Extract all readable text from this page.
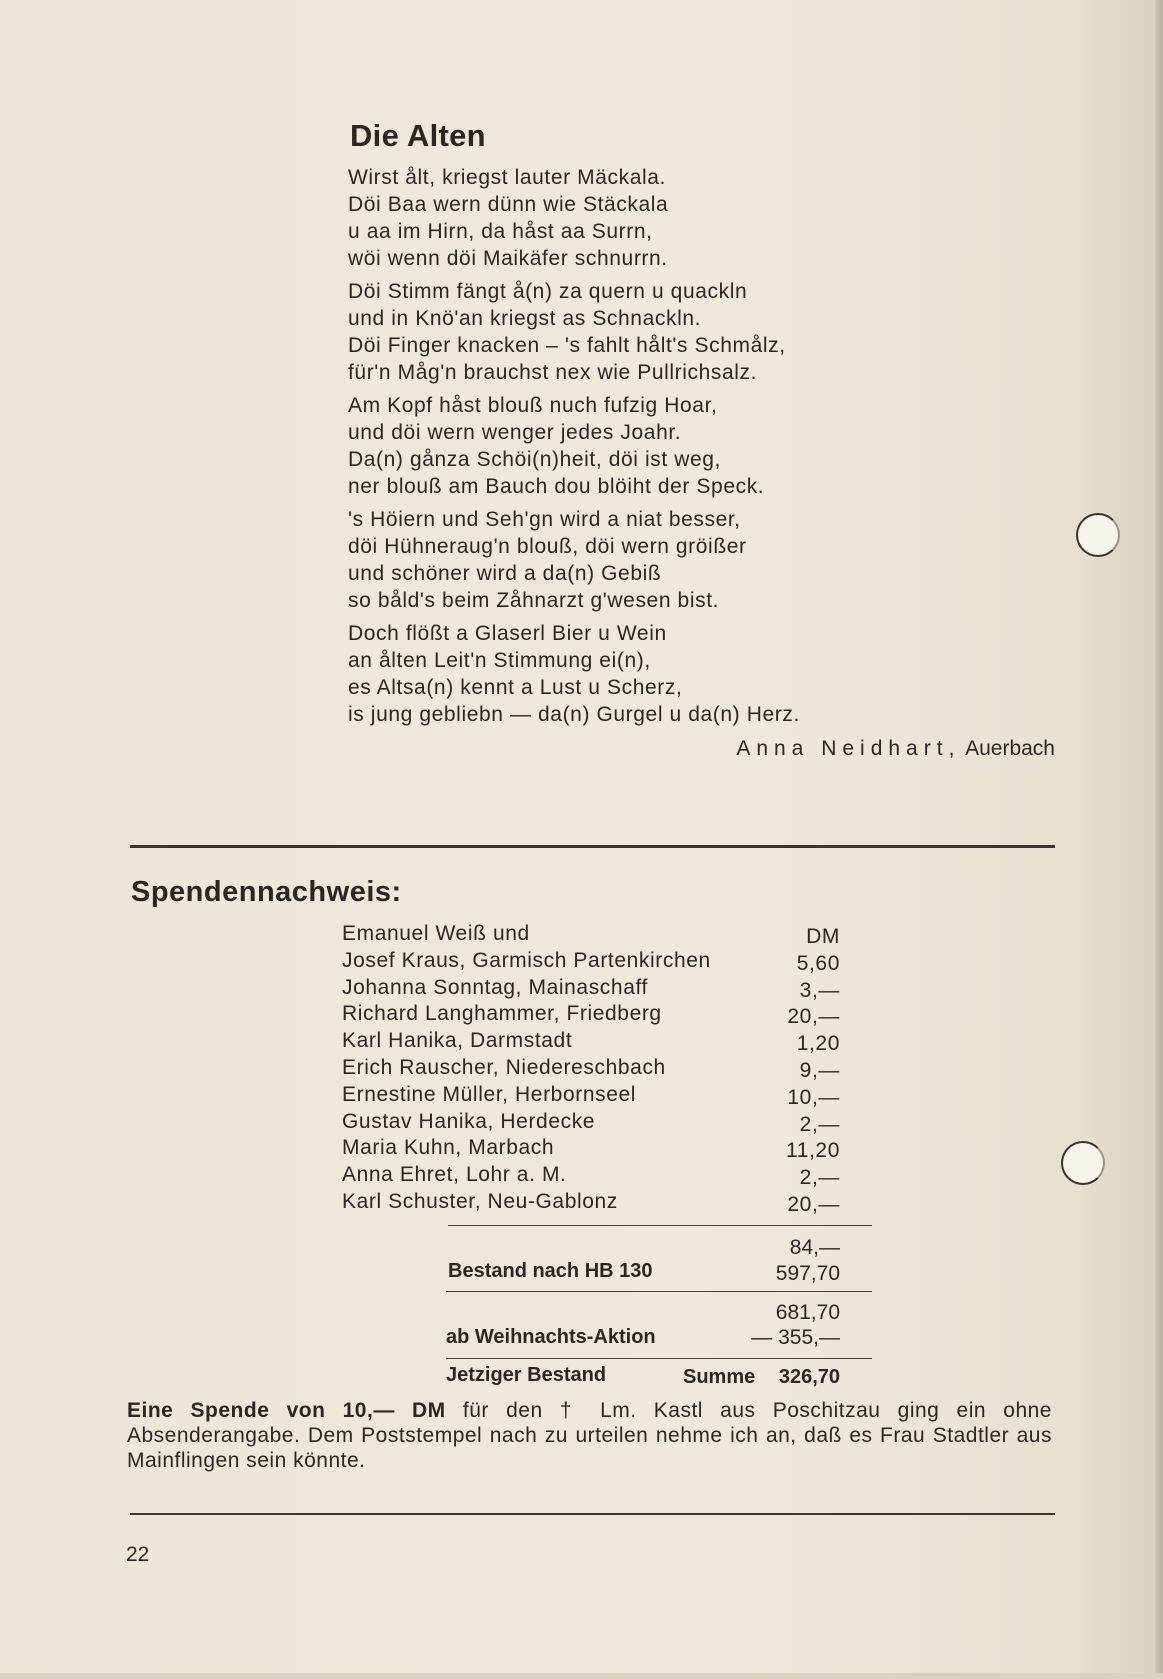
Die Alten
Wirst ålt, kriegst lauter Mäckala.
Döi Baa wern dünn wie Stäckala
u aa im Hirn, da håst aa Surrn,
wöi wenn döi Maikäfer schnurrn.
Döi Stimm fängt å(n) za quern u quackln
und in Knö'an kriegst as Schnackln.
Döi Finger knacken – 's fahlt hålt's Schmålz,
für'n Måg'n brauchst nex wie Pullrichsalz.
Am Kopf håst blouß nuch fufzig Hoar,
und döi wern wenger jedes Joahr.
Da(n) gånza Schöi(n)heit, döi ist weg,
ner blouß am Bauch dou blöiht der Speck.
's Höiern und Seh'gn wird a niat besser,
döi Hühneraug'n blouß, döi wern gröißer
und schöner wird a da(n) Gebiß
so båld's beim Zåhnarzt g'wesen bist.
Doch flößt a Glaserl Bier u Wein
an ålten Leit'n Stimmung ei(n),
es Altsa(n) kennt a Lust u Scherz,
is jung gebliebn — da(n) Gurgel u da(n) Herz.
Anna Neidhart, Auerbach
Spendennachweis:
Emanuel Weiß und	DM
Josef Kraus, Garmisch Partenkirchen	5,60
Johanna Sonntag, Mainaschaff	3,—
Richard Langhammer, Friedberg	20,—
Karl Hanika, Darmstadt	1,20
Erich Rauscher, Niedereschbach	9,—
Ernestine Müller, Herbornseel	10,—
Gustav Hanika, Herdecke	2,—
Maria Kuhn, Marbach	11,20
Anna Ehret, Lohr a. M.	2,—
Karl Schuster, Neu-Gablonz	20,—
84,—
Bestand nach HB 130	597,70
681,70
ab Weihnachts-Aktion	— 355,—
Jetziger Bestand	Summe 326,70
Eine Spende von 10,— DM für den † Lm. Kastl aus Poschitzau ging ein ohne Absenderangabe. Dem Poststempel nach zu urteilen nehme ich an, daß es Frau Stadtler aus Mainflingen sein könnte.
22
